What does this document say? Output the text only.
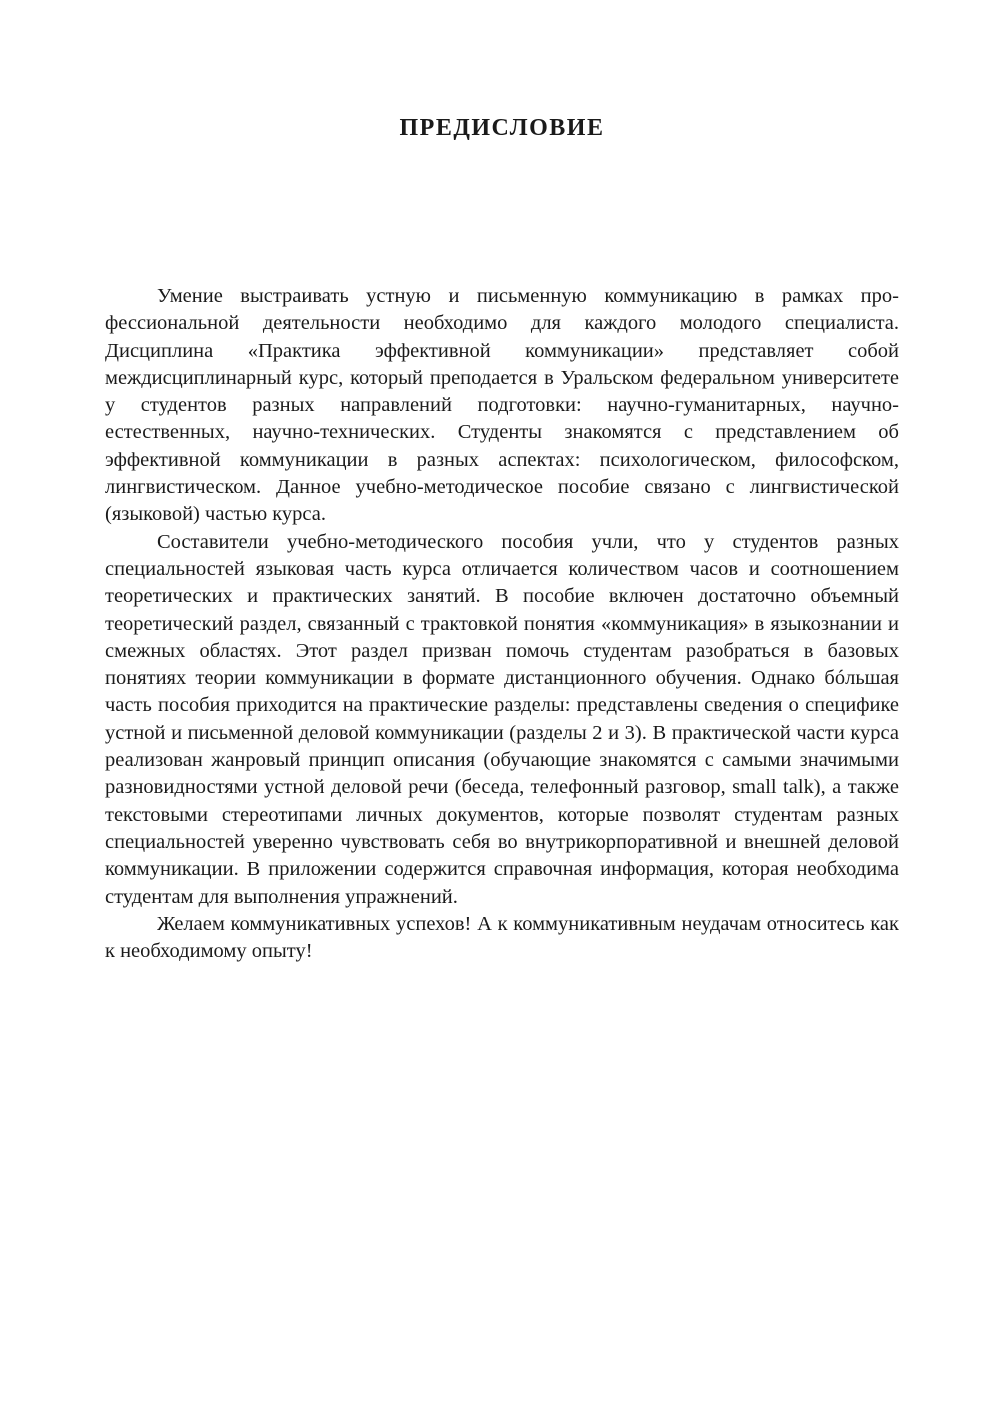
ПРЕДИСЛОВИЕ

Умение выстраивать устную и письменную коммуникацию в рамках профессиональной деятельности необходимо для каждого молодого специалиста. Дисциплина «Практика эффективной коммуникации» представляет собой междисциплинарный курс, который преподается в Уральском федеральном университете у студентов разных направлений подготовки: научно-гуманитарных, научно-естественных, научно-технических. Студенты знакомятся с представлением об эффективной коммуникации в разных аспектах: психологическом, философском, лингвистическом. Данное учебно-методическое пособие связано с лингвистической (языковой) частью курса.

Составители учебно-методического пособия учли, что у студентов разных специальностей языковая часть курса отличается количеством часов и соотношением теоретических и практических занятий. В пособие включен достаточно объемный теоретический раздел, связанный с трактовкой понятия «коммуникация» в языкознании и смежных областях. Этот раздел призван помочь студентам разобраться в базовых понятиях теории коммуникации в формате дистанционного обучения. Однако бóльшая часть пособия приходится на практические разделы: представлены сведения о специфике устной и письменной деловой коммуникации (разделы 2 и 3). В практической части курса реализован жанровый принцип описания (обучающие знакомятся с самыми значимыми разновидностями устной деловой речи (беседа, телефонный разговор, small talk), а также текстовыми стереотипами личных документов, которые позволят студентам разных специальностей уверенно чувствовать себя во внутрикорпоративной и внешней деловой коммуникации. В приложении содержится справочная информация, которая необходима студентам для выполнения упражнений.

Желаем коммуникативных успехов! А к коммуникативным неудачам относитесь как к необходимому опыту!
